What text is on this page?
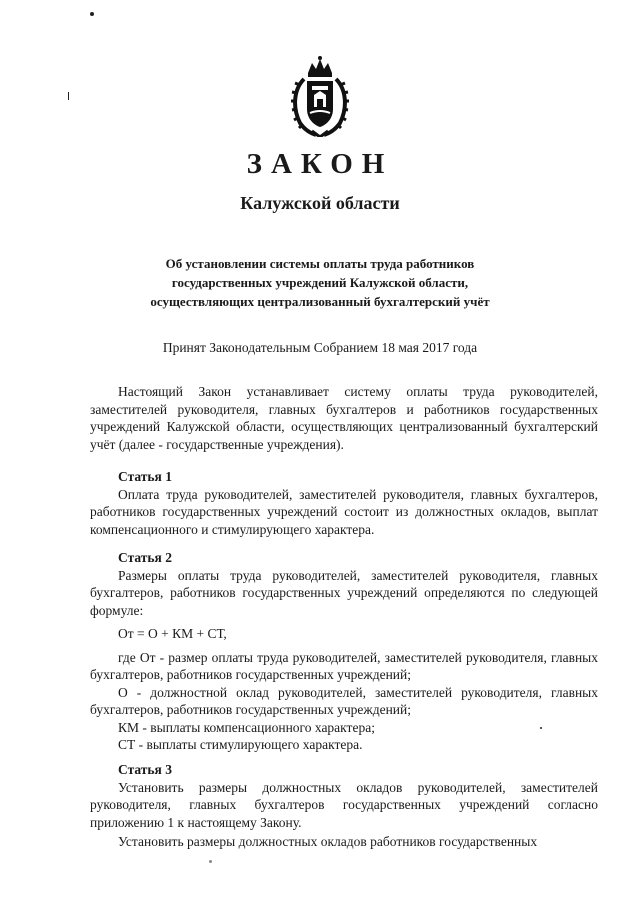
ЗАКОН
Калужской области
Об установлении системы оплаты труда работников
государственных учреждений Калужской области,
осуществляющих централизованный бухгалтерский учёт

Принят Законодательным Собранием 18 мая 2017 года

Настоящий Закон устанавливает систему оплаты труда руководителей, заместителей руководителя, главных бухгалтеров и работников государственных учреждений Калужской области, осуществляющих централизованный бухгалтерский учёт (далее - государственные учреждения).

Статья 1

Оплата труда руководителей, заместителей руководителя, главных бухгалтеров, работников государственных учреждений состоит из должностных окладов, выплат компенсационного и стимулирующего характера.

Статья 2

Размеры оплаты труда руководителей, заместителей руководителя, главных бухгалтеров, работников государственных учреждений определяются по следующей формуле:

От = О + КМ + СТ,

где От - размер оплаты труда руководителей, заместителей руководителя, главных бухгалтеров, работников государственных учреждений;

О - должностной оклад руководителей, заместителей руководителя, главных бухгалтеров, работников государственных учреждений;

КМ - выплаты компенсационного характера;

СТ - выплаты стимулирующего характера.

Статья 3

Установить размеры должностных окладов руководителей, заместителей руководителя, главных бухгалтеров государственных учреждений согласно приложению 1 к настоящему Закону.

Установить размеры должностных окладов работников государственных
